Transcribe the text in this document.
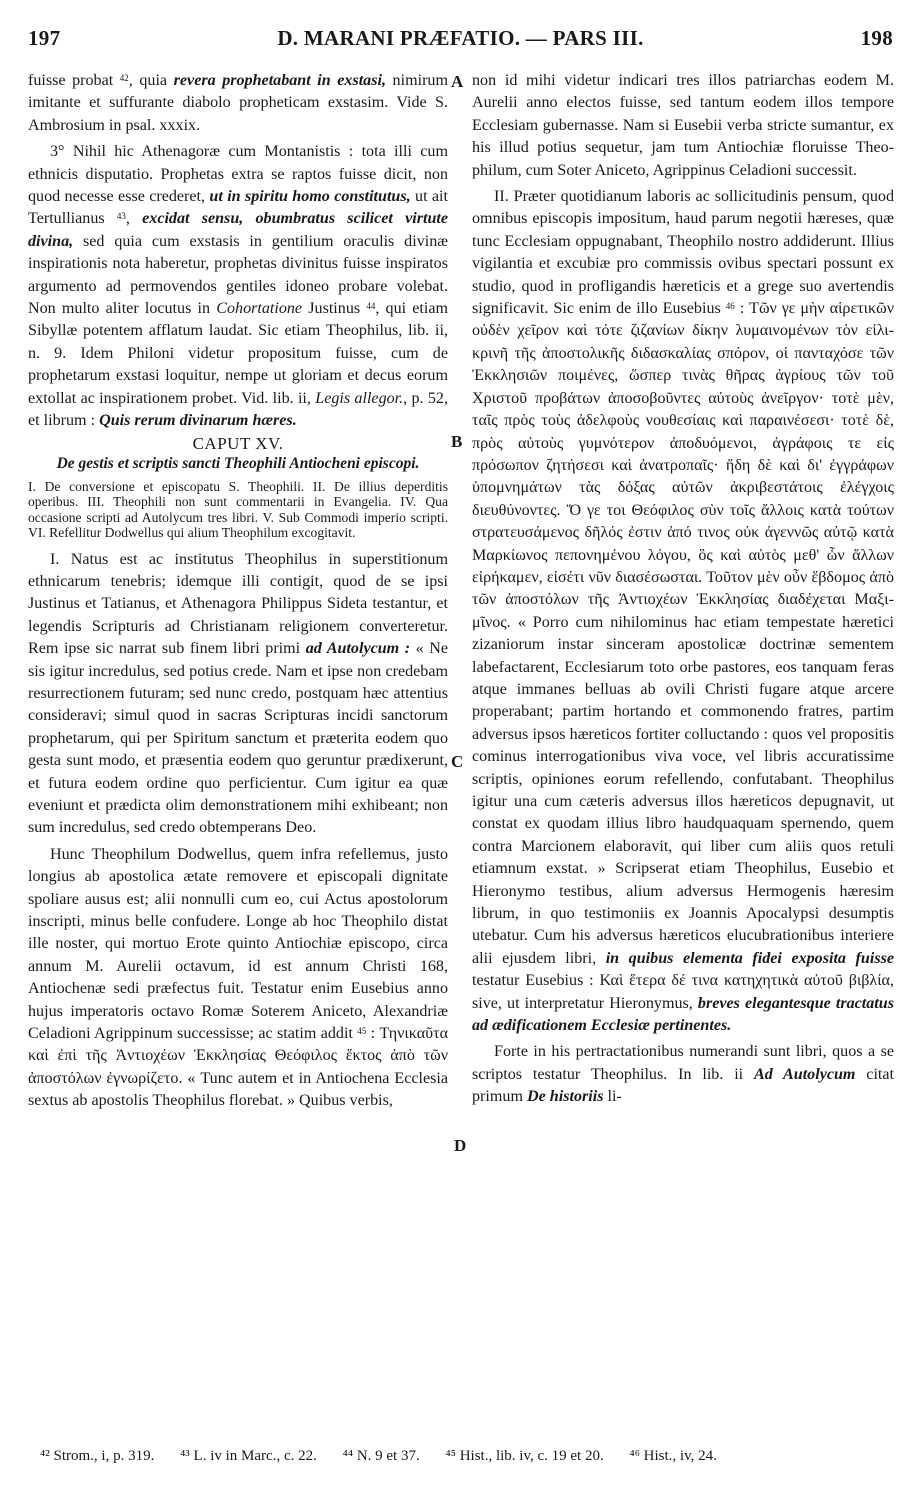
197	D. MARANI PRÆFATIO. — PARS III.	198
A
B
C
D

fuisse probat $^{42}$, quia revera prophetabant in exstasi, nimirum imitante et suffurante diabolo propheticam exstasim. Vide S. Ambrosium in psal. xxxix.

3° Nihil hic Athenagoræ cum Montanistis : tota illi cum ethnicis disputatio. Prophetas extra se raptos fuisse dicit, non quod necesse esse crederet, ut in spiritu homo constitutus, ut ait Tertullianus $^{43}$, excidat sensu, obumbratus scilicet virtute divina, sed quia cum exstasis in gentilium oraculis divinæ inspirationis nota haberetur, prophetas divinitus fuisse inspiratos argumento ad permovendos gentiles idoneo probare volebat. Non multo aliter locutus in Cohortatione Justinus $^{44}$, qui etiam Sibyllæ potentem afflatum laudat. Sic etiam Theophilus, lib. ii, n. 9. Idem Philoni videtur propositum fuisse, cum de prophetarum exstasi loquitur, nempe ut gloriam et decus eorum extollat ac inspirationem probet. Vid. lib. ii, Legis allegor., p. 52, et librum : Quis rerum divinarum hæres.

CAPUT XV.

De gestis et scriptis sancti Theophili Antiocheni episcopi.

I. De conversione et episcopatu S. Theophili. II. De illius deperditis operibus. III. Theophili non sunt commentarii in Evangelia. IV. Qua occasione scripti ad Autolycum tres libri. V. Sub Commodi imperio scripti. VI. Refellitur Dodwellus qui alium Theophilum excogitavit.

I. Natus est ac institutus Theophilus in superstitionum ethnicarum tenebris; idemque illi contigit, quod de se ipsi Justinus et Tatianus, et Athenagora Philippus Sideta testantur, et legendis Scripturis ad Christianam religionem converteretur. Rem ipse sic narrat sub finem libri primi ad Autolycum : « Ne sis igitur incredulus, sed potius crede. Nam et ipse non credebam resurrectionem futuram; sed nunc credo, postquam hæc attentius consideravi; simul quod in sacras Scripturas incidi sanctorum prophetarum, qui per Spiritum sanctum et præterita eodem quo gesta sunt modo, et præsentia eodem quo geruntur prædixerunt, et futura eodem ordine quo perficientur. Cum igitur ea quæ eveniunt et prædicta olim demonstrationem mihi exhibeant; non sum incredulus, sed credo obtemperans Deo.

Hunc Theophilum Dodwellus, quem infra refellemus, justo longius ab apostolica ætate removere et episcopali dignitate spoliare ausus est; alii nonnulli cum eo, cui Actus apostolorum inscripti, minus belle confudere. Longe ab hoc Theophilo distat ille noster, qui mortuo Erote quinto Antiochiæ episcopo, circa annum M. Aurelii octavum, id est annum Christi 168, Antiochenæ sedi præfectus fuit. Testatur enim Eusebius anno hujus imperatoris octavo Romæ Soterem Aniceto, Alexandriæ Celadioni Agrippinum successisse; ac statim addit $^{45}$ : Τηνικαῦτα καὶ ἐπὶ τῆς Ἀντιοχέων Ἐκκλησίας Θεόφιλος ἕκτος ἀπὸ τῶν ἀποστόλων ἐγνωρίζετο. « Tunc autem et in Antiochena Ecclesia sextus ab apostolis Theophilus florebat. » Quibus verbis,

non id mihi videtur indicari tres illos patriarchas eodem M. Aurelii anno electos fuisse, sed tantum eodem illos tempore Ecclesiam gubernasse. Nam si Eusebii verba stricte sumantur, ex his illud potius sequetur, jam tum Antiochiæ floruisse Theophilum, cum Soter Aniceto, Agrippinus Celadioni successit.

II. Præter quotidianum laboris ac sollicitudinis pensum, quod omnibus episcopis impositum, haud parum negotii hæreses, quæ tunc Ecclesiam oppugnabant, Theophilo nostro addiderunt. Illius vigilantia et excubiæ pro commissis ovibus spectari possunt ex studio, quod in profligandis hæreticis et a grege suo avertendis significavit. Sic enim de illo Eusebius $^{46}$ : Τῶν γε μὴν αἱρετικῶν οὐδὲν χεῖρον καὶ τότε ζιζανίων δίκην λυμαινομένων τὸν εἰλικρινῆ τῆς ἀποστολικῆς διδασκαλίας σπόρον, οἱ πανταχόσε τῶν Ἐκκλησιῶν ποιμένες, ὥσπερ τινὰς θῆρας ἀγρίους τῶν τοῦ Χριστοῦ προβάτων ἀποσοβοῦντες αὐτοὺς ἀνεῖργον· τοτὲ μὲν, ταῖς πρὸς τοὺς ἀδελφοὺς νουθεσίαις καὶ παραινέσεσι· τοτὲ δὲ, πρὸς αὐτοὺς γυμνότερον ἀποδυόμενοι, ἀγράφοις τε εἰς πρόσωπον ζητήσεσι καὶ ἀνατροπαῖς· ἤδη δὲ καὶ δι' ἐγγράφων ὑπομνημάτων τὰς δόξας αὐτῶν ἀκριβεστάτοις ἐλέγχοις διευθύνοντες. Ὅ γε τοι Θεόφιλος σὺν τοῖς ἄλλοις κατὰ τούτων στρατευσάμενος δῆλός ἐστιν ἀπό τινος οὐκ ἀγεννῶς αὐτῷ κατὰ Μαρκίωνος πεπονημένου λόγου, ὃς καὶ αὐτὸς μεθ' ὧν ἄλλων εἰρήκαμεν, εἰσέτι νῦν διασέσωσται. Τοῦτον μὲν οὖν ἕβδομος ἀπὸ τῶν ἀποστόλων τῆς Ἀντιοχέων Ἐκκλησίας διαδέχεται Μαξιμῖνος. « Porro cum nihilominus hac etiam tempestate hæretici zizaniorum instar sinceram apostolicæ doctrinæ sementem labefactarent, Ecclesiarum toto orbe pastores, eos tanquam feras atque immanes belluas ab ovili Christi fugare atque arcere properabant; partim hortando et commonendo fratres, partim adversus ipsos hæreticos fortiter colluctando : quos vel propositis cominus interrogationibus viva voce, vel libris accuratissime scriptis, opiniones eorum refellendo, confutabant. Theophilus igitur una cum cæteris adversus illos hæreticos depugnavit, ut constat ex quodam illius libro haudquaquam spernendo, quem contra Marcionem elaboravit, qui liber cum aliis quos retuli etiamnum exstat. » Scripserat etiam Theophilus, Eusebio et Hieronymo testibus, alium adversus Hermogenis hæresim librum, in quo testimoniis ex Joannis Apocalypsi desumptis utebatur. Cum his adversus hæreticos elucubrationibus interiere alii ejusdem libri, in quibus elementa fidei exposita fuisse testatur Eusebius : Καὶ ἕτερα δέ τινα κατηχητικὰ αὐτοῦ βιβλία, sive, ut interpretatur Hieronymus, breves elegantesque tractatus ad ædificationem Ecclesiæ pertinentes.

Forte in his pertractationibus numerandi sunt libri, quos a se scriptos testatur Theophilus. In lib. ii Ad Autolycum citat primum De historiis li-

⁴² Strom., i, p. 319. ⁴³ L. iv in Marc., c. 22. ⁴⁴ N. 9 et 37. ⁴⁵ Hist., lib. iv, c. 19 et 20. ⁴⁶ Hist., iv, 24.
